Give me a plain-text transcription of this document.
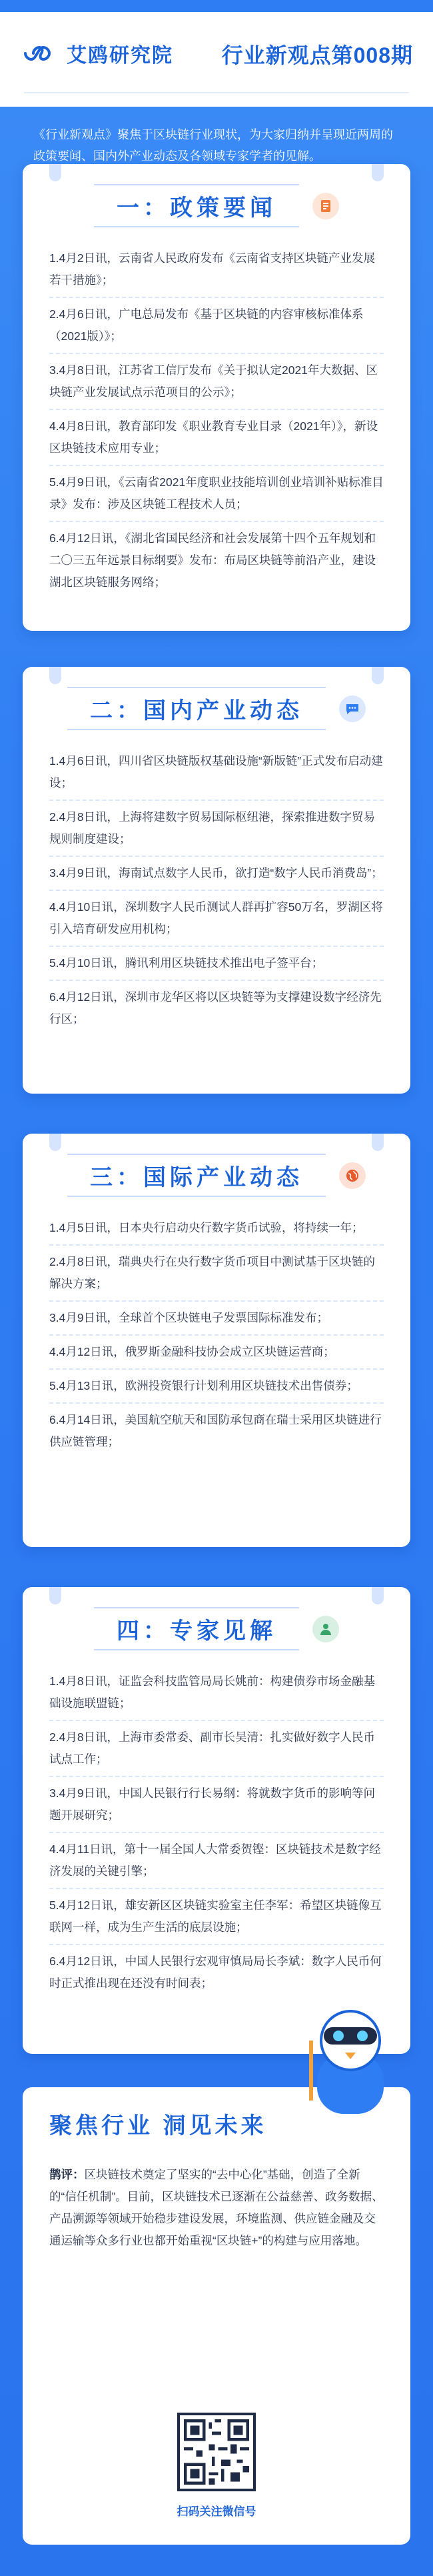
艾鸥研究院 行业新观点第008期
《行业新观点》聚焦于区块链行业现状，为大家归纳并呈现近两周的政策要闻、国内外产业动态及各领域专家学者的见解。
一：政策要闻
1.4月2日讯，云南省人民政府发布《云南省支持区块链产业发展若干措施》；
2.4月6日讯，广电总局发布《基于区块链的内容审核标准体系（2021版）》；
3.4月8日讯，江苏省工信厅发布《关于拟认定2021年大数据、区块链产业发展试点示范项目的公示》；
4.4月8日讯，教育部印发《职业教育专业目录（2021年）》，新设区块链技术应用专业；
5.4月9日讯，《云南省2021年度职业技能培训创业培训补贴标准目录》发布：涉及区块链工程技术人员；
6.4月12日讯，《湖北省国民经济和社会发展第十四个五年规划和二〇三五年远景目标纲要》发布：布局区块链等前沿产业，建设湖北区块链服务网络；
二：国内产业动态
1.4月6日讯，四川省区块链版权基础设施“新版链”正式发布启动建设；
2.4月8日讯，上海将建数字贸易国际枢纽港，探索推进数字贸易规则制度建设；
3.4月9日讯，海南试点数字人民币，欲打造“数字人民币消费岛”；
4.4月10日讯，深圳数字人民币测试人群再扩容50万名，罗湖区将引入培育研发应用机构；
5.4月10日讯，腾讯利用区块链技术推出电子签平台；
6.4月12日讯，深圳市龙华区将以区块链等为支撑建设数字经济先行区；
三：国际产业动态
1.4月5日讯，日本央行启动央行数字货币试验，将持续一年；
2.4月8日讯，瑞典央行在央行数字货币项目中测试基于区块链的解决方案；
3.4月9日讯，全球首个区块链电子发票国际标准发布；
4.4月12日讯，俄罗斯金融科技协会成立区块链运营商；
5.4月13日讯，欧洲投资银行计划利用区块链技术出售债券；
6.4月14日讯，美国航空航天和国防承包商在瑞士采用区块链进行供应链管理；
四：专家见解
1.4月8日讯，证监会科技监管局局长姚前：构建债券市场金融基础设施联盟链；
2.4月8日讯，上海市委常委、副市长吴清：扎实做好数字人民币试点工作；
3.4月9日讯，中国人民银行行长易纲：将就数字货币的影响等问题开展研究；
4.4月11日讯，第十一届全国人大常委贺铿：区块链技术是数字经济发展的关键引擎；
5.4月12日讯，雄安新区区块链实验室主任李军：希望区块链像互联网一样，成为生产生活的底层设施；
6.4月12日讯，中国人民银行宏观审慎局局长李斌：数字人民币何时正式推出现在还没有时间表；
聚焦行业 洞见未来
鹊评：区块链技术奠定了坚实的“去中心化”基础，创造了全新的“信任机制”。目前，区块链技术已逐渐在公益慈善、政务数据、产品溯源等领域开始稳步建设发展，环境监测、供应链金融及交通运输等众多行业也都开始重视“区块链+”的构建与应用落地。
扫码关注微信号
